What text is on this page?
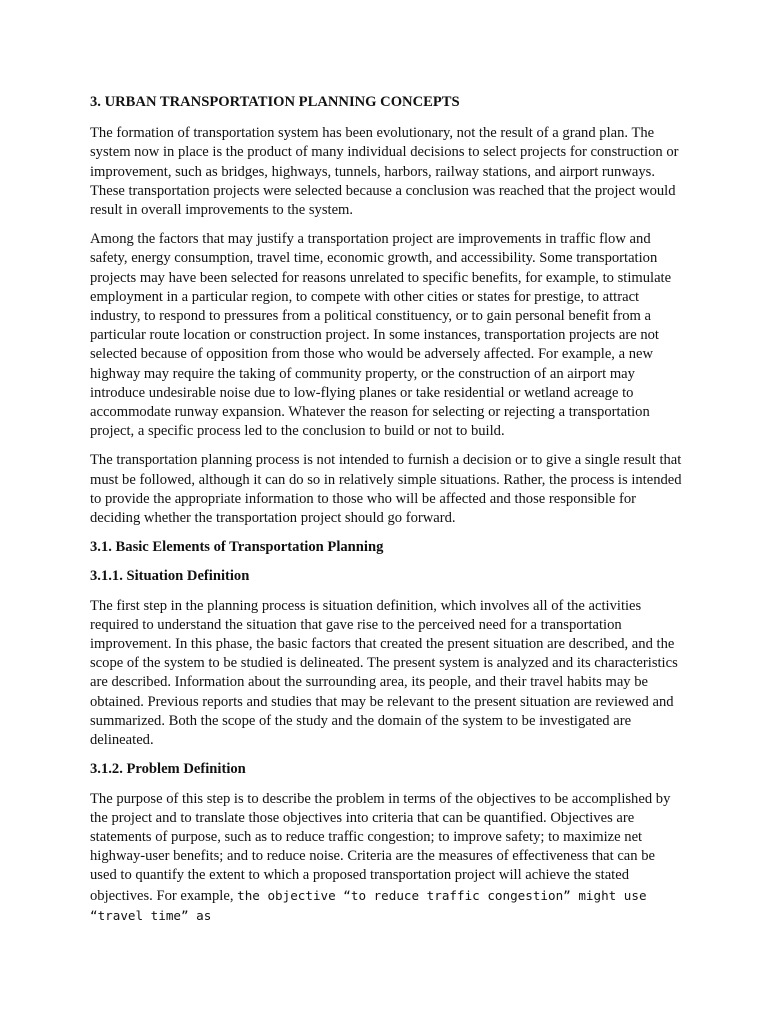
3. URBAN TRANSPORTATION PLANNING CONCEPTS

The formation of transportation system has been evolutionary, not the result of a grand plan. The system now in place is the product of many individual decisions to select projects for construction or improvement, such as bridges, highways, tunnels, harbors, railway stations, and airport runways. These transportation projects were selected because a conclusion was reached that the project would result in overall improvements to the system.

Among the factors that may justify a transportation project are improvements in traffic flow and safety, energy consumption, travel time, economic growth, and accessibility. Some transportation projects may have been selected for reasons unrelated to specific benefits, for example, to stimulate employment in a particular region, to compete with other cities or states for prestige, to attract industry, to respond to pressures from a political constituency, or to gain personal benefit from a particular route location or construction project. In some instances, transportation projects are not selected because of opposition from those who would be adversely affected. For example, a new highway may require the taking of community property, or the construction of an airport may introduce undesirable noise due to low-flying planes or take residential or wetland acreage to accommodate runway expansion. Whatever the reason for selecting or rejecting a transportation project, a specific process led to the conclusion to build or not to build.

The transportation planning process is not intended to furnish a decision or to give a single result that must be followed, although it can do so in relatively simple situations. Rather, the process is intended to provide the appropriate information to those who will be affected and those responsible for deciding whether the transportation project should go forward.

3.1. Basic Elements of Transportation Planning
3.1.1. Situation Definition

The first step in the planning process is situation definition, which involves all of the activities required to understand the situation that gave rise to the perceived need for a transportation improvement. In this phase, the basic factors that created the present situation are described, and the scope of the system to be studied is delineated. The present system is analyzed and its characteristics are described. Information about the surrounding area, its people, and their travel habits may be obtained. Previous reports and studies that may be relevant to the present situation are reviewed and summarized. Both the scope of the study and the domain of the system to be investigated are delineated.

3.1.2. Problem Definition

The purpose of this step is to describe the problem in terms of the objectives to be accomplished by the project and to translate those objectives into criteria that can be quantified. Objectives are statements of purpose, such as to reduce traffic congestion; to improve safety; to maximize net highway-user benefits; and to reduce noise. Criteria are the measures of effectiveness that can be used to quantify the extent to which a proposed transportation project will achieve the stated objectives. For example, the objective “to reduce traffic congestion” might use “travel time” as
